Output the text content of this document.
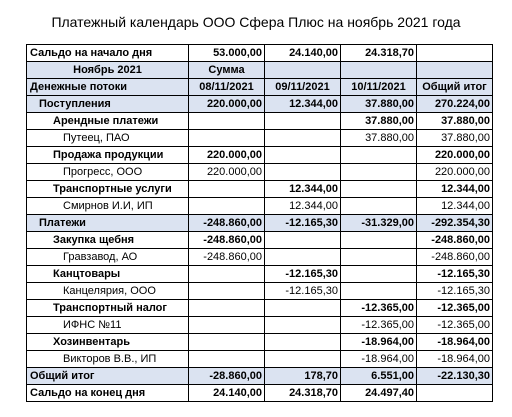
Платежный календарь ООО Сфера Плюс на ноябрь 2021 года
Сальдо на начало дня	53.000,00	24.140,00	24.318,70	
Ноябрь 2021	Сумма			
Денежные потоки	08/11/2021	09/11/2021	10/11/2021	Общий итог
Поступления	220.000,00	12.344,00	37.880,00	270.224,00
Арендные платежи			37.880,00	37.880,00
Путеец, ПАО			37.880,00	37.880,00
Продажа продукции	220.000,00			220.000,00
Прогресс, ООО	220.000,00			220.000,00
Транспортные услуги		12.344,00		12.344,00
Смирнов И.И, ИП		12.344,00		12.344,00
Платежи	-248.860,00	-12.165,30	-31.329,00	-292.354,30
Закупка щебня	-248.860,00			-248.860,00
Гравзавод, АО	-248.860,00			-248.860,00
Канцтовары		-12.165,30		-12.165,30
Канцелярия, ООО		-12.165,30		-12.165,30
Транспортный налог			-12.365,00	-12.365,00
ИФНС №11			-12.365,00	-12.365,00
Хозинвентарь			-18.964,00	-18.964,00
Викторов В.В., ИП			-18.964,00	-18.964,00
Общий итог	-28.860,00	178,70	6.551,00	-22.130,30
Сальдо на конец дня	24.140,00	24.318,70	24.497,40	
